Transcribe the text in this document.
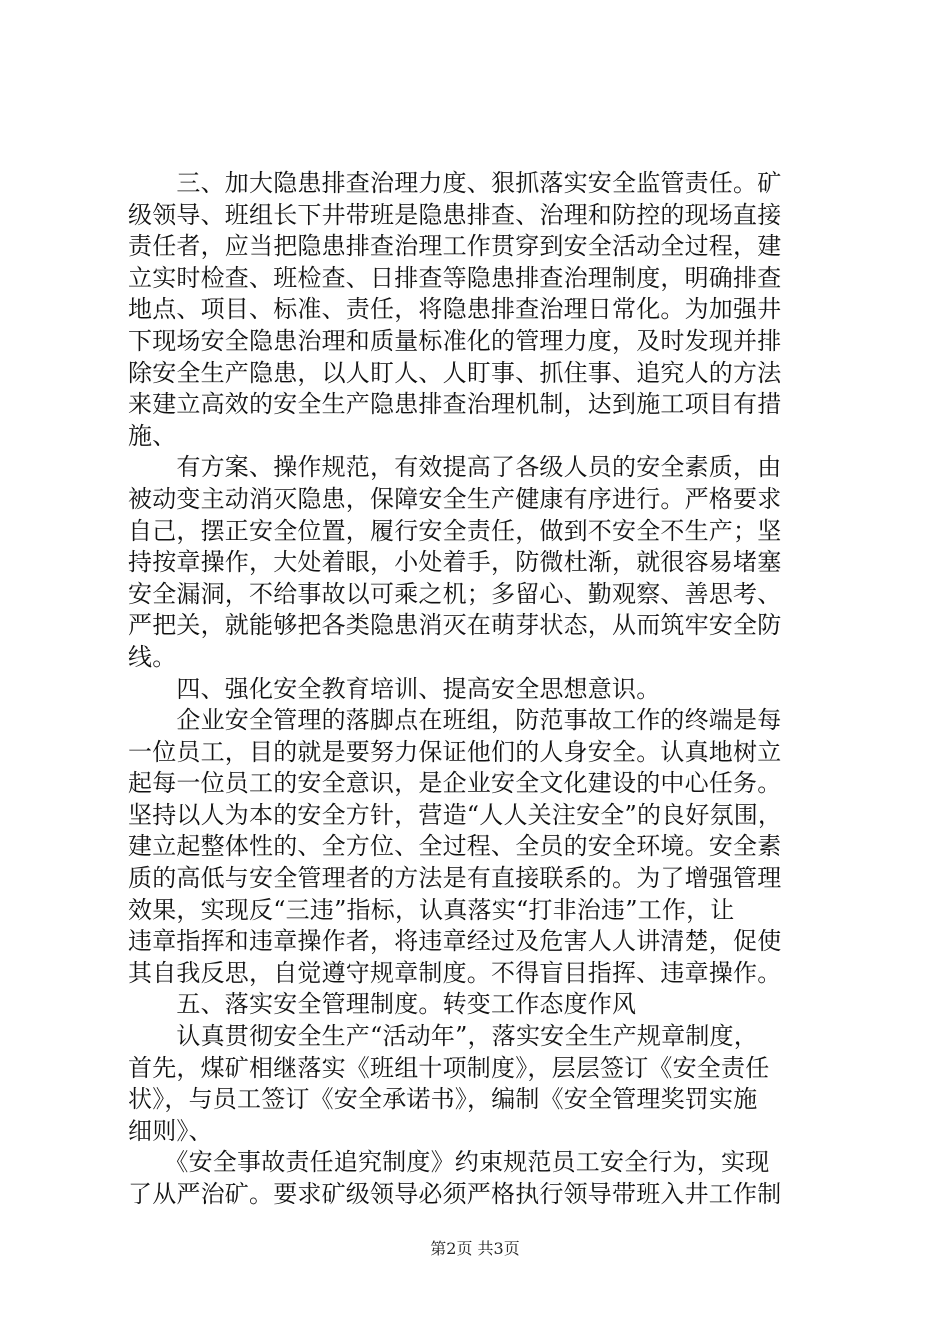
　　三、加大隐患排查治理力度、狠抓落实安全监管责任。矿
级领导、班组长下井带班是隐患排查、治理和防控的现场直接
责任者，应当把隐患排查治理工作贯穿到安全活动全过程，建
立实时检查、班检查、日排查等隐患排查治理制度，明确排查
地点、项目、标准、责任，将隐患排查治理日常化。为加强井
下现场安全隐患治理和质量标准化的管理力度，及时发现并排
除安全生产隐患，以人盯人、人盯事、抓住事、追究人的方法
来建立高效的安全生产隐患排查治理机制，达到施工项目有措
施、
　　有方案、操作规范，有效提高了各级人员的安全素质，由
被动变主动消灭隐患，保障安全生产健康有序进行。严格要求
自己，摆正安全位置，履行安全责任，做到不安全不生产；坚
持按章操作，大处着眼，小处着手，防微杜渐，就很容易堵塞
安全漏洞，不给事故以可乘之机；多留心、勤观察、善思考、
严把关，就能够把各类隐患消灭在萌芽状态，从而筑牢安全防
线。
　　四、强化安全教育培训、提高安全思想意识。
　　企业安全管理的落脚点在班组，防范事故工作的终端是每
一位员工，目的就是要努力保证他们的人身安全。认真地树立
起每一位员工的安全意识，是企业安全文化建设的中心任务。
坚持以人为本的安全方针，营造“人人关注安全”的良好氛围，
建立起整体性的、全方位、全过程、全员的安全环境。安全素
质的高低与安全管理者的方法是有直接联系的。为了增强管理
效果，实现反“三违”指标，认真落实“打非治违”工作，让
违章指挥和违章操作者，将违章经过及危害人人讲清楚，促使
其自我反思，自觉遵守规章制度。不得盲目指挥、违章操作。
　　五、落实安全管理制度。转变工作态度作风
　　认真贯彻安全生产“活动年”，落实安全生产规章制度，
首先，煤矿相继落实《班组十项制度》，层层签订《安全责任
状》，与员工签订《安全承诺书》，编制《安全管理奖罚实施
细则》、
　　《安全事故责任追究制度》约束规范员工安全行为，实现
了从严治矿。要求矿级领导必须严格执行领导带班入井工作制
第2页 共3页
